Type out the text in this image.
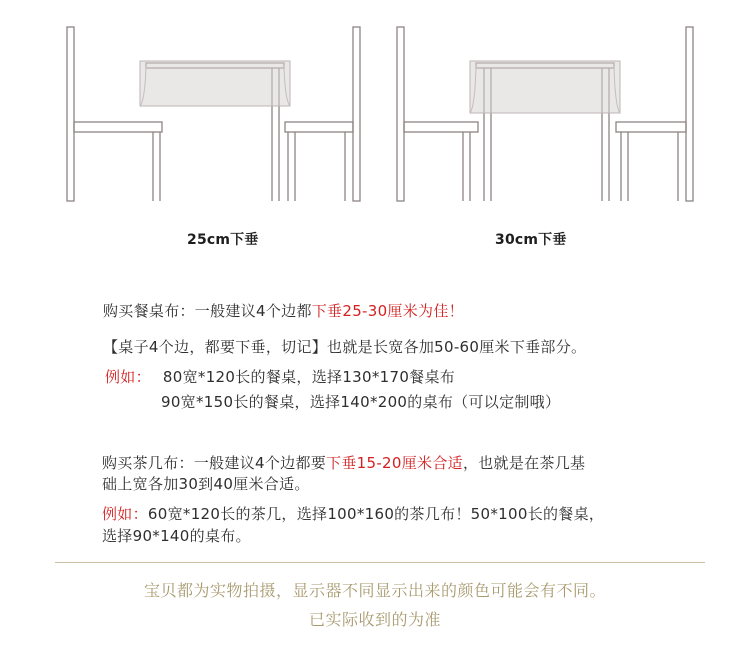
25cm下垂	30cm下垂
购买餐桌布：一般建议4个边都下垂25-30厘米为佳！
【桌子4个边，都要下垂，切记】也就是长宽各加50-60厘米下垂部分。
例如： 80宽*120长的餐桌，选择130*170餐桌布
90宽*150长的餐桌，选择140*200的桌布（可以定制哦）
购买茶几布：一般建议4个边都要下垂15-20厘米合适，也就是在茶几基
础上宽各加30到40厘米合适。
例如：60宽*120长的茶几，选择100*160的茶几布！50*100长的餐桌，
选择90*140的桌布。
宝贝都为实物拍摄，显示器不同显示出来的颜色可能会有不同。
已实际收到的为准
